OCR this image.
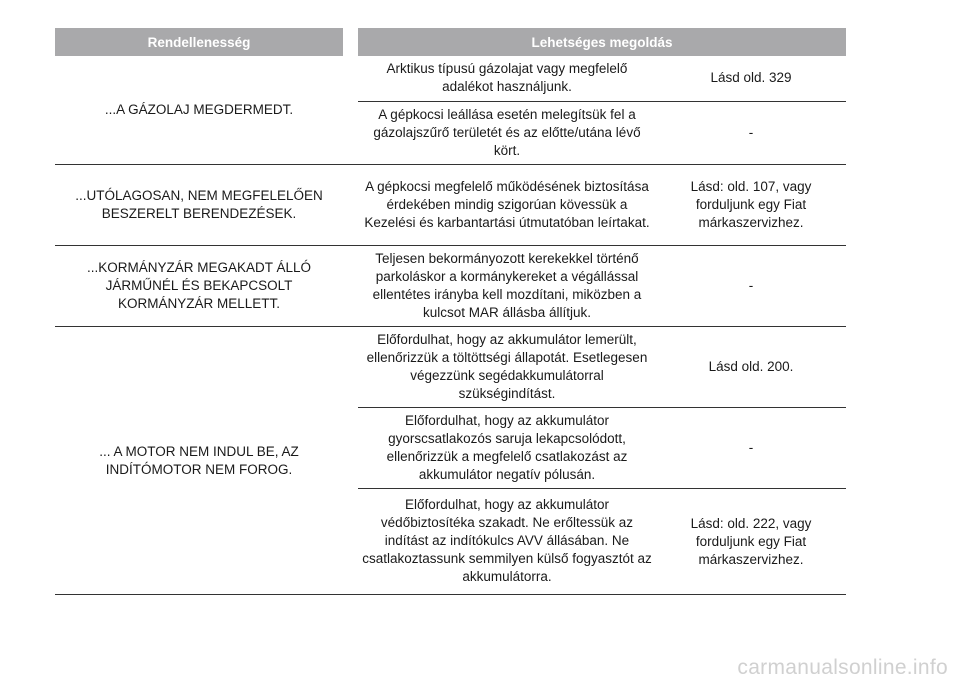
Rendellenesség	Lehetséges megoldás
...A GÁZOLAJ MEGDERMEDT.
Arktikus típusú gázolajat vagy megfelelő adalékot használjunk.
Lásd old. 329
A gépkocsi leállása esetén melegítsük fel a gázolajszűrő területét és az előtte/utána lévő kört.
-
...UTÓLAGOSAN, NEM MEGFELELŐEN BESZERELT BERENDEZÉSEK.
A gépkocsi megfelelő működésének biztosítása érdekében mindig szigorúan kövessük a Kezelési és karbantartási útmutatóban leírtakat.
Lásd: old. 107, vagy forduljunk egy Fiat márkaszervizhez.
...KORMÁNYZÁR MEGAKADT ÁLLÓ JÁRMŰNÉL ÉS BEKAPCSOLT KORMÁNYZÁR MELLETT.
Teljesen bekormányozott kerekekkel történő parkoláskor a kormánykereket a végállással ellentétes irányba kell mozdítani, miközben a kulcsot MAR állásba állítjuk.
-
... A MOTOR NEM INDUL BE, AZ INDÍTÓMOTOR NEM FOROG.
Előfordulhat, hogy az akkumulátor lemerült, ellenőrizzük a töltöttségi állapotát. Esetlegesen végezzünk segédakkumulátorral szükségindítást.
Lásd old. 200.
Előfordulhat, hogy az akkumulátor gyorscsatlakozós saruja lekapcsolódott, ellenőrizzük a megfelelő csatlakozást az akkumulátor negatív pólusán.
-
Előfordulhat, hogy az akkumulátor védőbiztosítéka szakadt. Ne erőltessük az indítást az indítókulcs AVV állásában. Ne csatlakoztassunk semmilyen külső fogyasztót az akkumulátorra.
Lásd: old. 222, vagy forduljunk egy Fiat márkaszervizhez.
carmanualsonline.info
